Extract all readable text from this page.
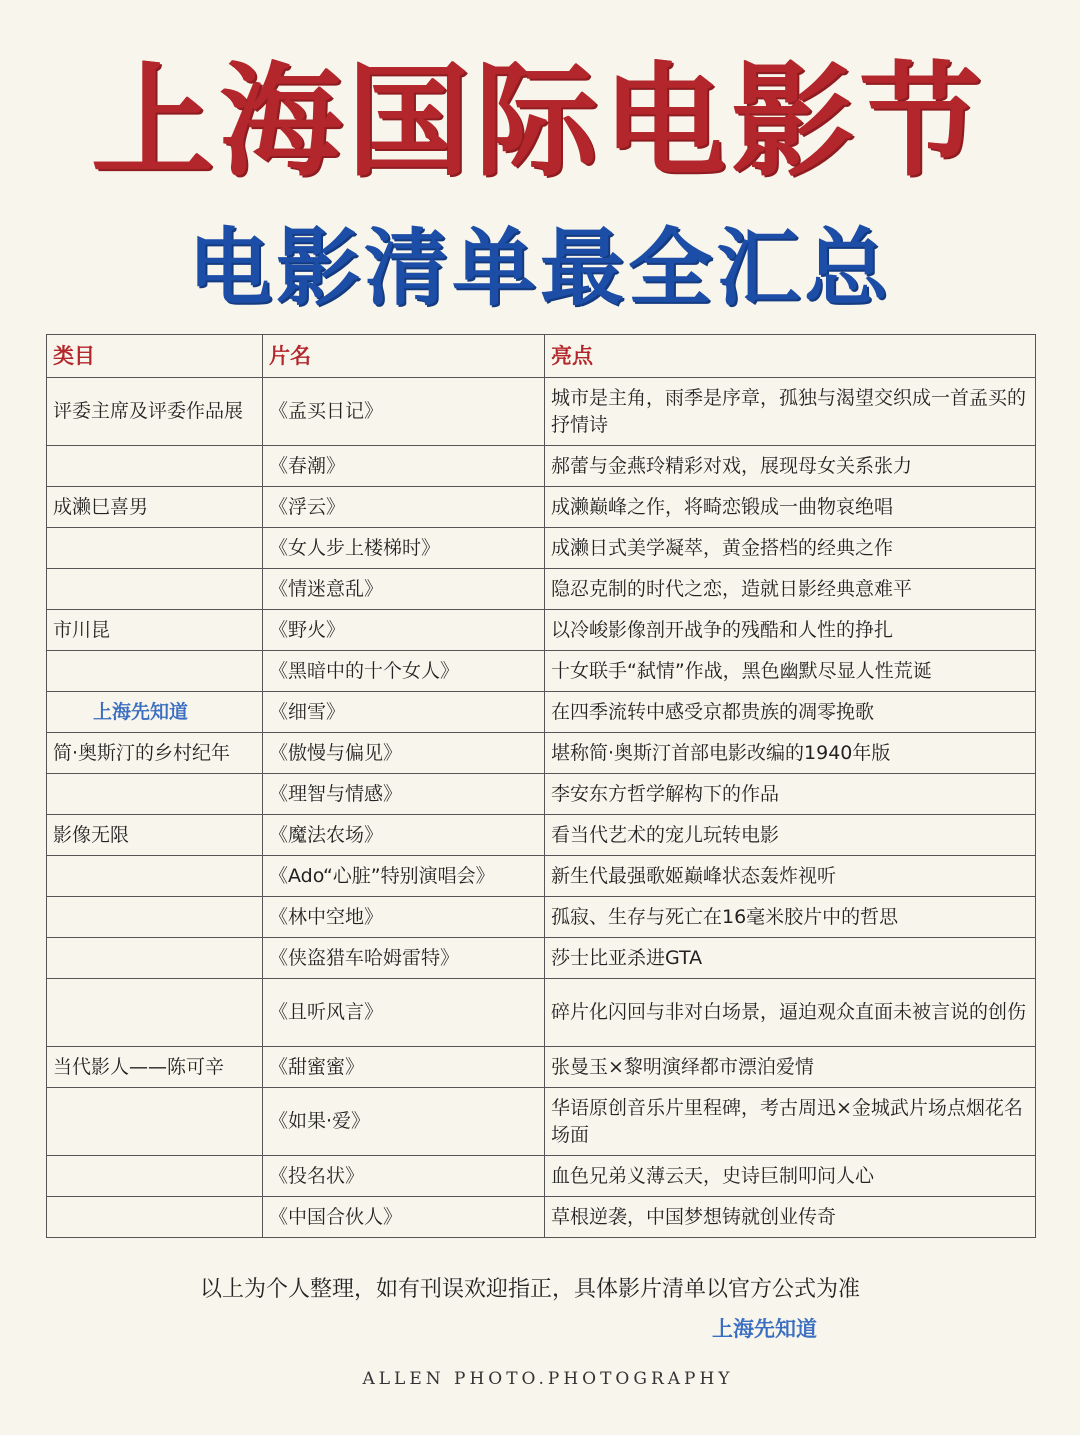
上海国际电影节
电影清单最全汇总
类目	片名	亮点
评委主席及评委作品展	《孟买日记》	城市是主角，雨季是序章，孤独与渴望交织成一首孟买的抒情诗
	《春潮》	郝蕾与金燕玲精彩对戏，展现母女关系张力
成濑巳喜男	《浮云》	成濑巅峰之作，将畸恋锻成一曲物哀绝唱
	《女人步上楼梯时》	成濑日式美学凝萃，黄金搭档的经典之作
	《情迷意乱》	隐忍克制的时代之恋，造就日影经典意难平
市川昆	《野火》	以冷峻影像剖开战争的残酷和人性的挣扎
	《黑暗中的十个女人》	十女联手“弑情”作战，黑色幽默尽显人性荒诞
上海先知道	《细雪》	在四季流转中感受京都贵族的凋零挽歌
简·奥斯汀的乡村纪年	《傲慢与偏见》	堪称简·奥斯汀首部电影改编的1940年版
	《理智与情感》	李安东方哲学解构下的作品
影像无限	《魔法农场》	看当代艺术的宠儿玩转电影
	《Ado“心脏”特别演唱会》	新生代最强歌姬巅峰状态轰炸视听
	《林中空地》	孤寂、生存与死亡在16毫米胶片中的哲思
	《侠盗猎车哈姆雷特》	莎士比亚杀进GTA
	《且听风言》	碎片化闪回与非对白场景，逼迫观众直面未被言说的创伤
当代影人——陈可辛	《甜蜜蜜》	张曼玉×黎明演绎都市漂泊爱情
	《如果·爱》	华语原创音乐片里程碑，考古周迅×金城武片场点烟花名场面
	《投名状》	血色兄弟义薄云天，史诗巨制叩问人心
	《中国合伙人》	草根逆袭，中国梦想铸就创业传奇
以上为个人整理，如有刊误欢迎指正，具体影片清单以官方公式为准
上海先知道
ALLEN PHOTO.PHOTOGRAPHY
